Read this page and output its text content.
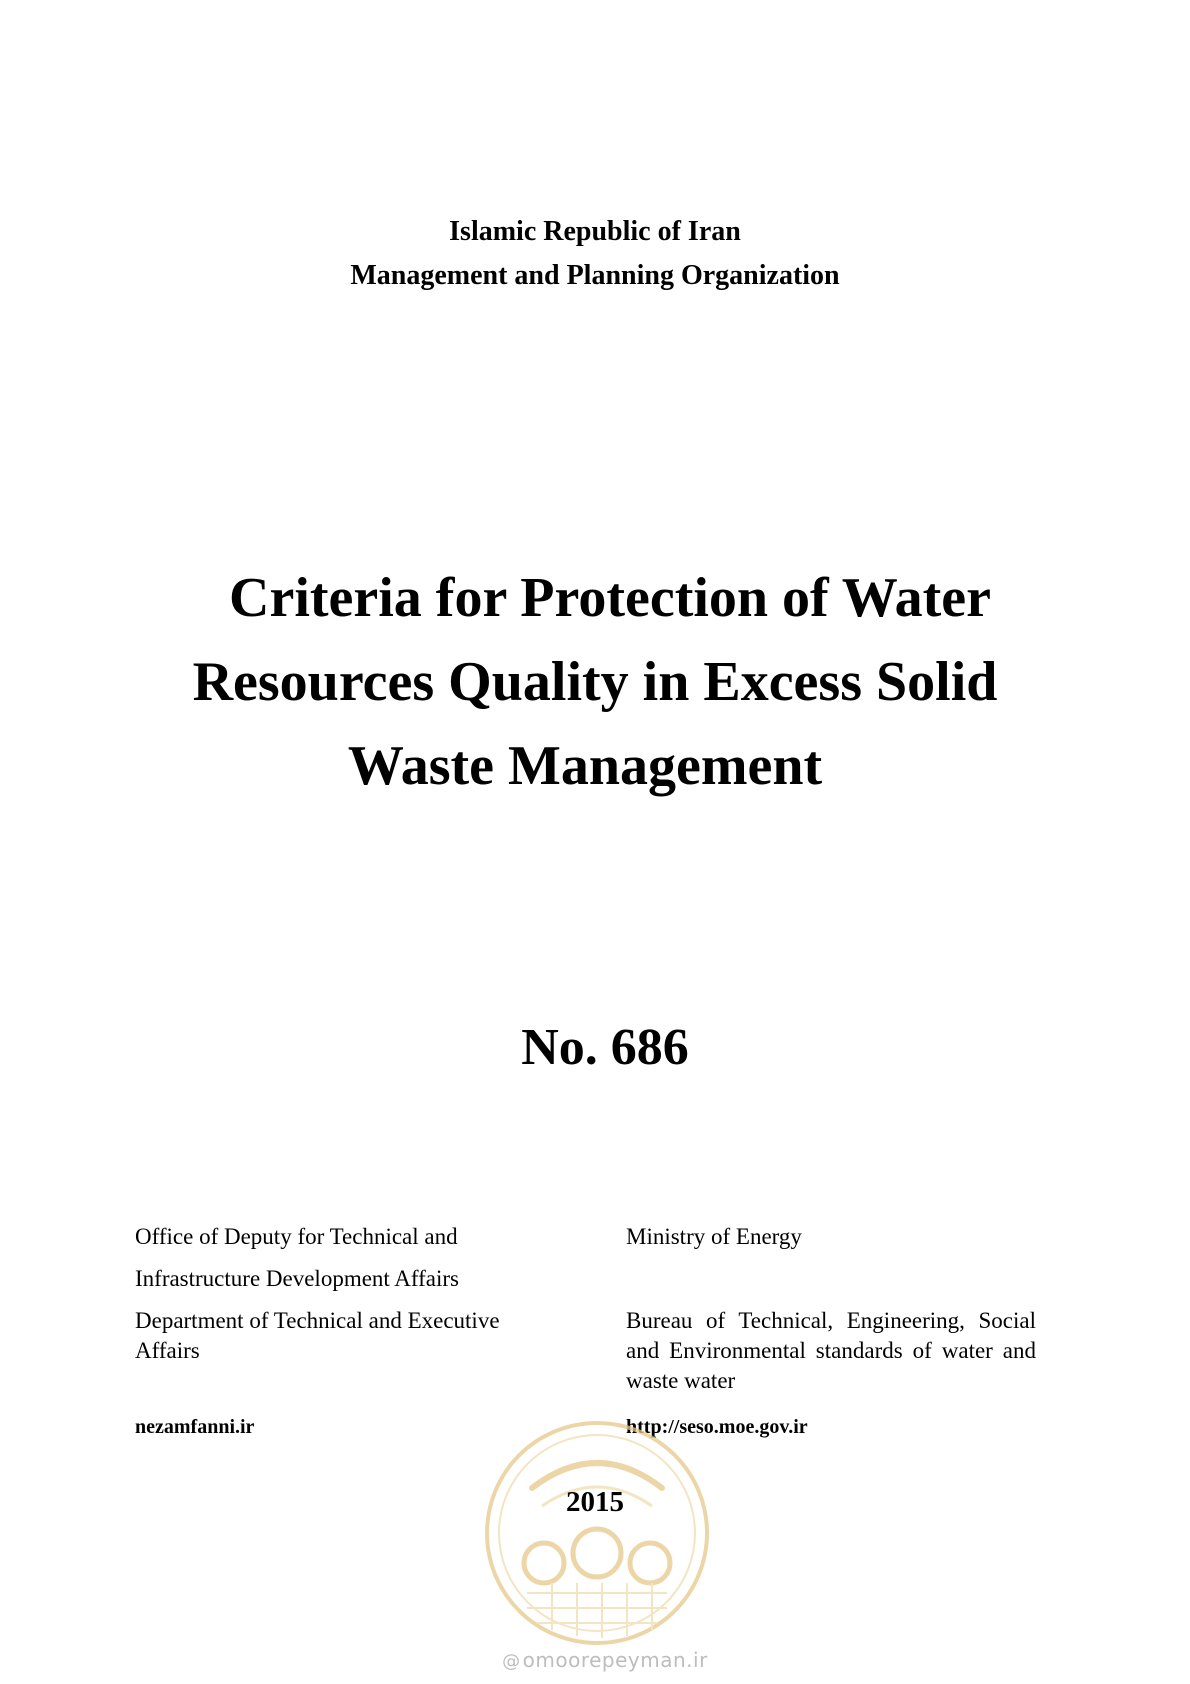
Islamic Republic of Iran
Management and Planning Organization
Criteria for Protection of Water
Resources Quality in Excess Solid
Waste Management
No. 686
Office of Deputy for Technical and
Infrastructure Development Affairs
Department of Technical and Executive Affairs
nezamfanni.ir
Ministry of Energy
Bureau of Technical, Engineering, Social and Environmental standards of water and waste water
http://seso.moe.gov.ir
2015
@ omoorepeyman.ir
